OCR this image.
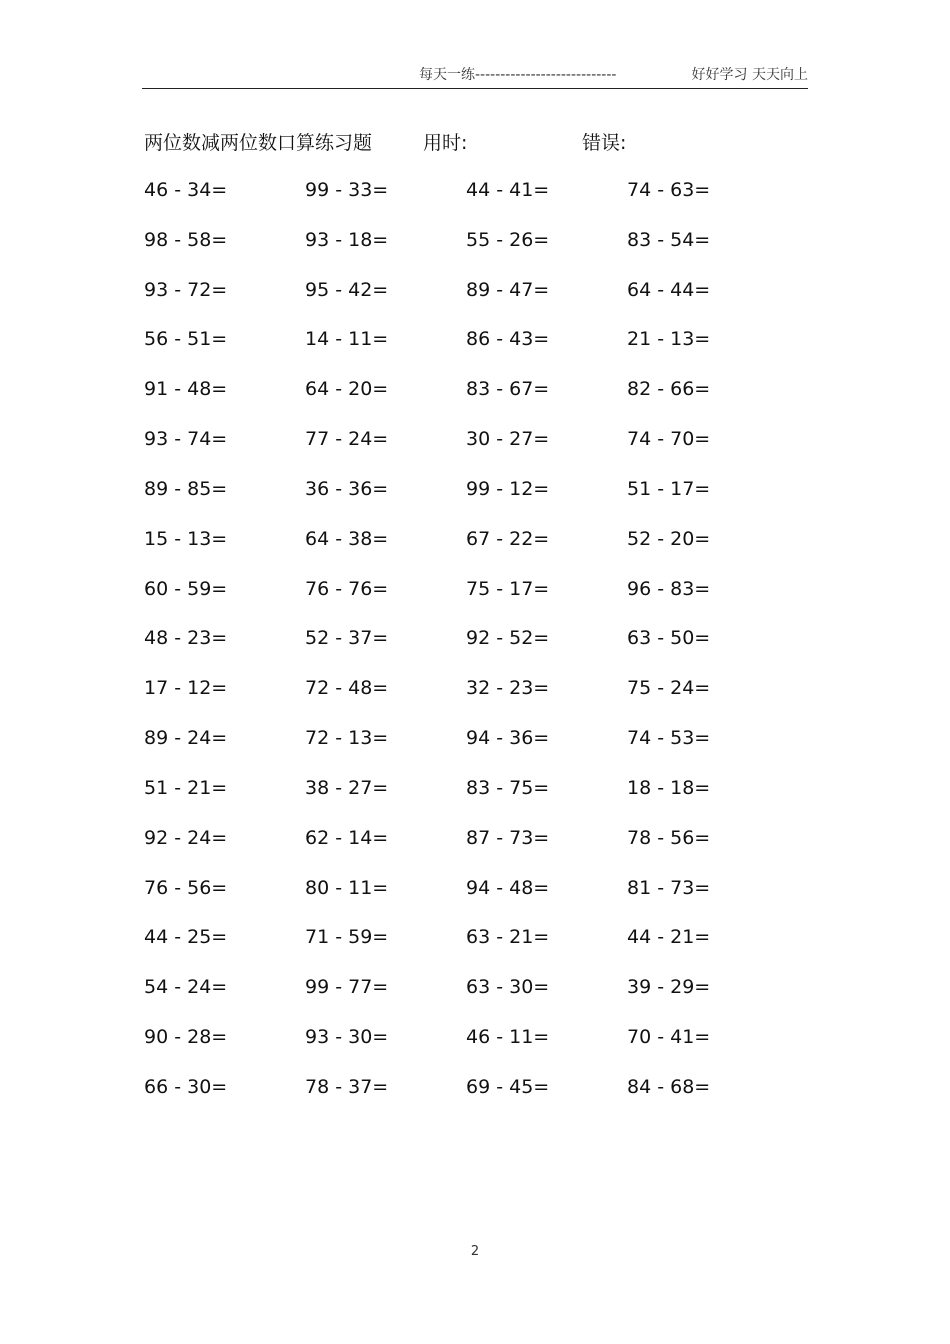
每天一练----------------------------	好好学习 天天向上
两位数减两位数口算练习题	用时:	错误:
46 - 34=	99 - 33=	44 - 41=	74 - 63=
98 - 58=	93 - 18=	55 - 26=	83 - 54=
93 - 72=	95 - 42=	89 - 47=	64 - 44=
56 - 51=	14 - 11=	86 - 43=	21 - 13=
91 - 48=	64 - 20=	83 - 67=	82 - 66=
93 - 74=	77 - 24=	30 - 27=	74 - 70=
89 - 85=	36 - 36=	99 - 12=	51 - 17=
15 - 13=	64 - 38=	67 - 22=	52 - 20=
60 - 59=	76 - 76=	75 - 17=	96 - 83=
48 - 23=	52 - 37=	92 - 52=	63 - 50=
17 - 12=	72 - 48=	32 - 23=	75 - 24=
89 - 24=	72 - 13=	94 - 36=	74 - 53=
51 - 21=	38 - 27=	83 - 75=	18 - 18=
92 - 24=	62 - 14=	87 - 73=	78 - 56=
76 - 56=	80 - 11=	94 - 48=	81 - 73=
44 - 25=	71 - 59=	63 - 21=	44 - 21=
54 - 24=	99 - 77=	63 - 30=	39 - 29=
90 - 28=	93 - 30=	46 - 11=	70 - 41=
66 - 30=	78 - 37=	69 - 45=	84 - 68=
2
